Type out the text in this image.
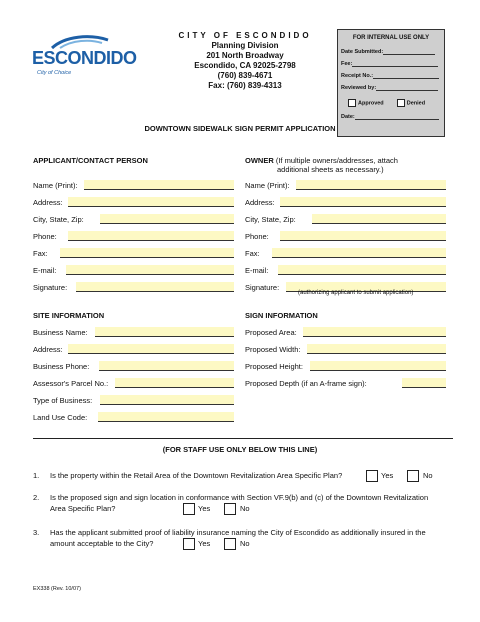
ESCONDIDO
City of Choice
CITY OF ESCONDIDO
Planning Division
201 North Broadway
Escondido, CA 92025-2798
(760) 839-4671
Fax: (760) 839-4313
FOR INTERNAL USE ONLY
Date Submitted:
Fee:
Receipt No.:
Reviewed by:
Approved	Denied
Date:
DOWNTOWN SIDEWALK SIGN PERMIT APPLICATION
APPLICANT/CONTACT PERSON
Name (Print):
Address:
City, State, Zip:
Phone:
Fax:
E-mail:
Signature:
OWNER (If multiple owners/addresses, attach
additional sheets as necessary.)
Name (Print):
Address:
City, State, Zip:
Phone:
Fax:
E-mail:
Signature:
(authorizing applicant to submit application)
SITE INFORMATION
Business Name:
Address:
Business Phone:
Assessor's Parcel No.:
Type of Business:
Land Use Code:
SIGN INFORMATION
Proposed Area:
Proposed Width:
Proposed Height:
Proposed Depth (if an A-frame sign):
(FOR STAFF USE ONLY BELOW THIS LINE)
1. Is the property within the Retail Area of the Downtown Revitalization Area Specific Plan?	Yes	No
2. Is the proposed sign and sign location in conformance with Section VF.9(b) and (c) of the Downtown Revitalization
Area Specific Plan?	Yes	No
3. Has the applicant submitted proof of liability insurance naming the City of Escondido as additionally insured in the
amount acceptable to the City?	Yes	No
EX338 (Rev. 10/07)
